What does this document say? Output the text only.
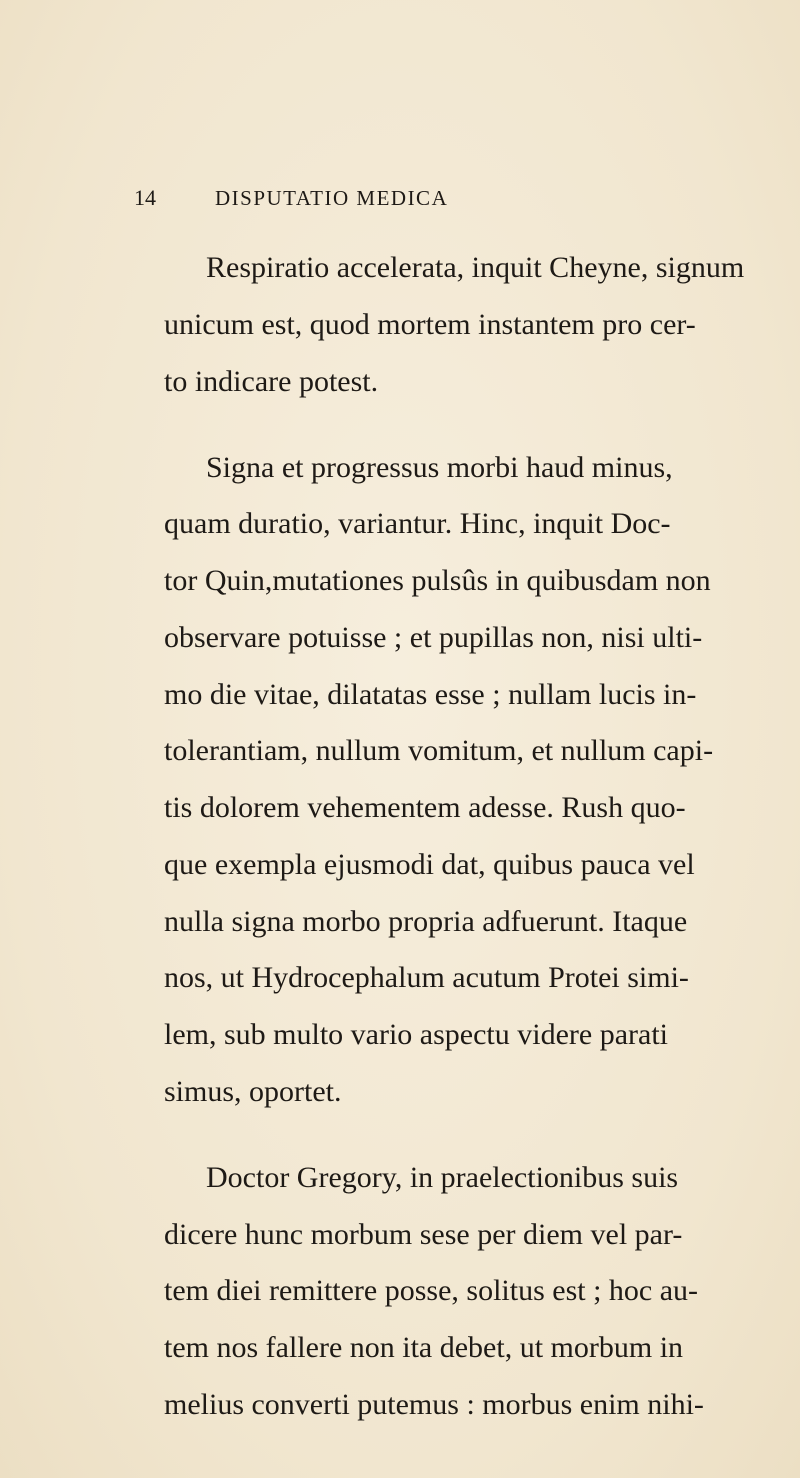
14	DISPUTATIO MEDICA
Respiratio accelerata, inquit Cheyne, signum
unicum est, quod mortem instantem pro cer-
to indicare potest.
Signa et progressus morbi haud minus,
quam duratio, variantur. Hinc, inquit Doc-
tor Quin,mutationes pulsûs in quibusdam non
observare potuisse ; et pupillas non, nisi ulti-
mo die vitae, dilatatas esse ; nullam lucis in-
tolerantiam, nullum vomitum, et nullum capi-
tis dolorem vehementem adesse. Rush quo-
que exempla ejusmodi dat, quibus pauca vel
nulla signa morbo propria adfuerunt. Itaque
nos, ut Hydrocephalum acutum Protei simi-
lem, sub multo vario aspectu videre parati
simus, oportet.
Doctor Gregory, in praelectionibus suis
dicere hunc morbum sese per diem vel par-
tem diei remittere posse, solitus est ; hoc au-
tem nos fallere non ita debet, ut morbum in
melius converti putemus : morbus enim nihi-
